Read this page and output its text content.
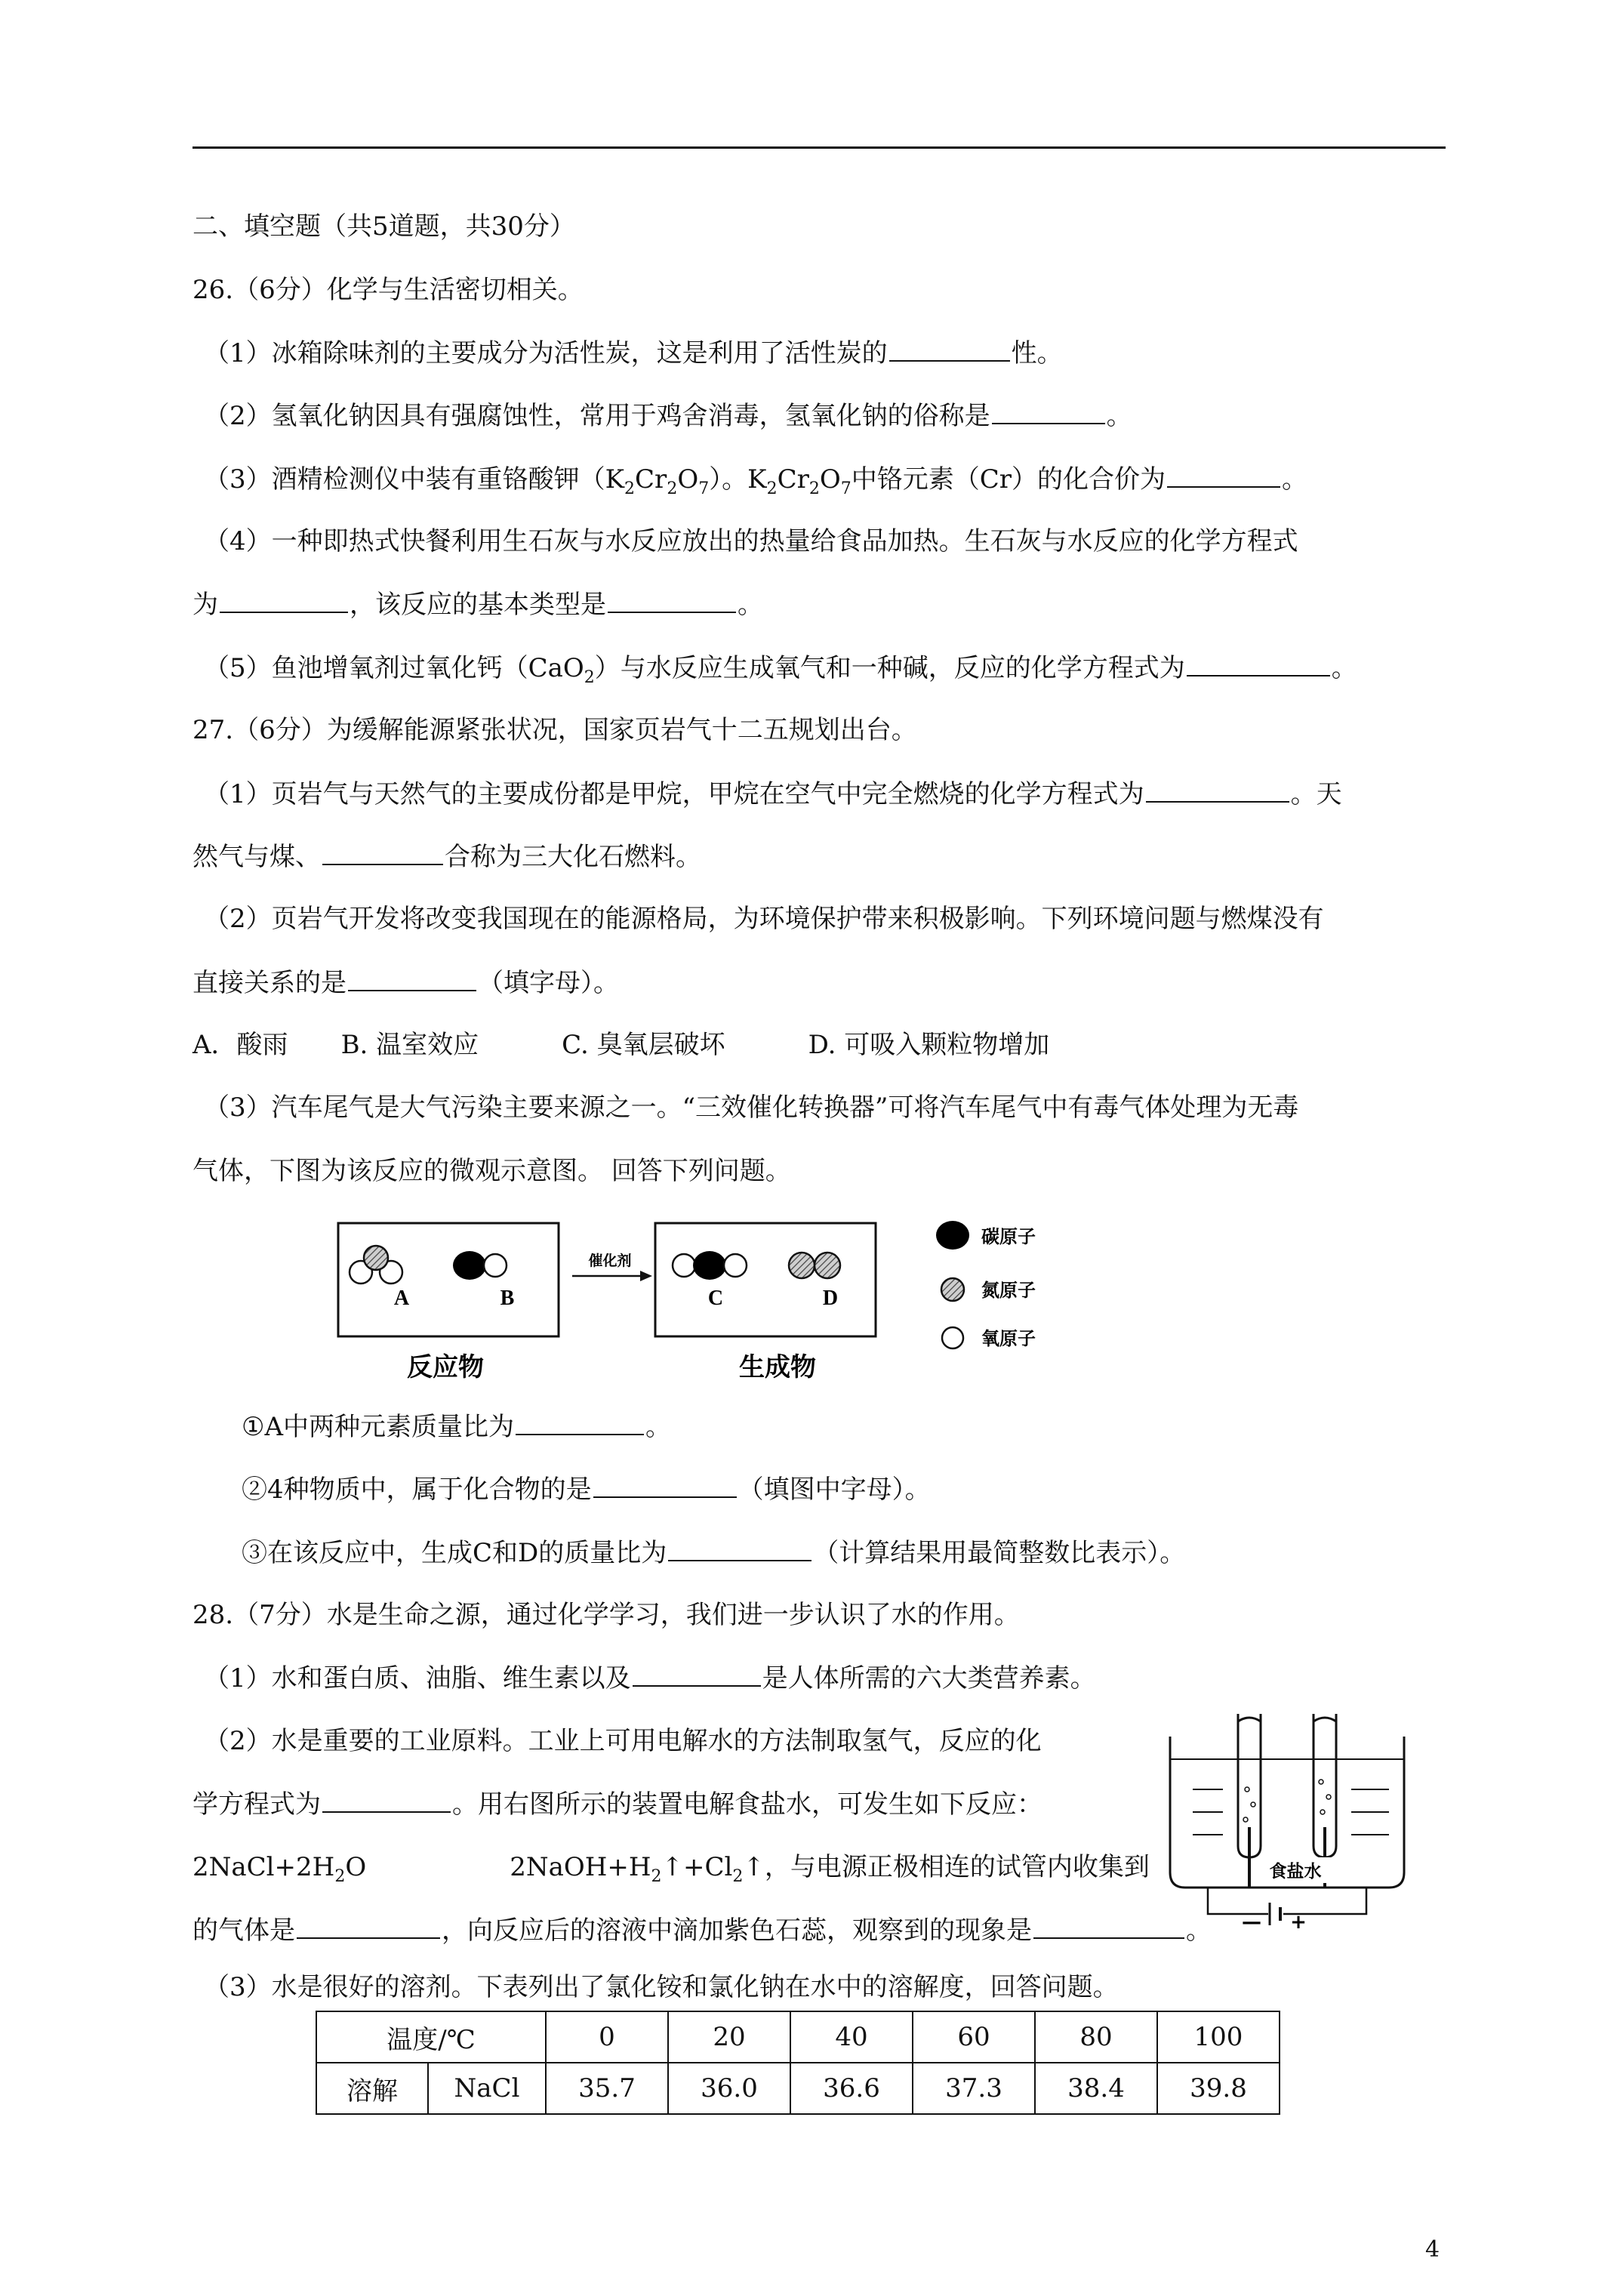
二、填空题（共5道题，共30分）
26.（6分）化学与生活密切相关。
（1）冰箱除味剂的主要成分为活性炭，这是利用了活性炭的	性。
（2）氢氧化钠因具有强腐蚀性，常用于鸡舍消毒，氢氧化钠的俗称是	。
（3）酒精检测仪中装有重铬酸钾$(K_2Cr_2O_7)$。$K_2Cr_2O_7$中铬元素（Cr）的化合价为	。
（4）一种即热式快餐利用生石灰与水反应放出的热量给食品加热。生石灰与水反应的化学方程式
为	，该反应的基本类型是	。
（5）鱼池增氧剂过氧化钙（CaO$_2$）与水反应生成氧气和一种碱，反应的化学方程式为	。
27.（6分）为缓解能源紧张状况，国家页岩气十二五规划出台。
（1）页岩气与天然气的主要成份都是甲烷，甲烷在空气中完全燃烧的化学方程式为	。天
然气与煤、	合称为三大化石燃料。
（2）页岩气开发将改变我国现在的能源格局，为环境保护带来积极影响。下列环境问题与燃煤没有
直接关系的是	（填字母）。
A．酸雨 B. 温室效应	C. 臭氧层破坏	D. 可吸入颗粒物增加
（3）汽车尾气是大气污染主要来源之一。“三效催化转换器”可将汽车尾气中有毒气体处理为无毒
气体，下图为该反应的微观示意图。 回答下列问题。
A	B	C	D
催化剂
反应物	生成物
碳原子
氮原子
氧原子
①A中两种元素质量比为	。
②4种物质中，属于化合物的是	（填图中字母）。
③在该反应中，生成C和D的质量比为	（计算结果用最简整数比表示）。
28.（7分）水是生命之源，通过化学学习，我们进一步认识了水的作用。
（1）水和蛋白质、油脂、维生素以及	是人体所需的六大类营养素。
（2）水是重要的工业原料。工业上可用电解水的方法制取氢气，反应的化
学方程式为	。用右图所示的装置电解食盐水，可发生如下反应：
$2NaCl+2H_2O$	$2NaOH+H_2↑+Cl_2↑$，与电源正极相连的试管内收集到
的气体是	，向反应后的溶液中滴加紫色石蕊，观察到的现象是	。
食盐水
— +
（3）水是很好的溶剂。下表列出了氯化铵和氯化钠在水中的溶解度，回答问题。
温度/℃		0	20	40	60	80	100
溶解	NaCl	35.7	36.0	36.6	37.3	38.4	39.8
4
